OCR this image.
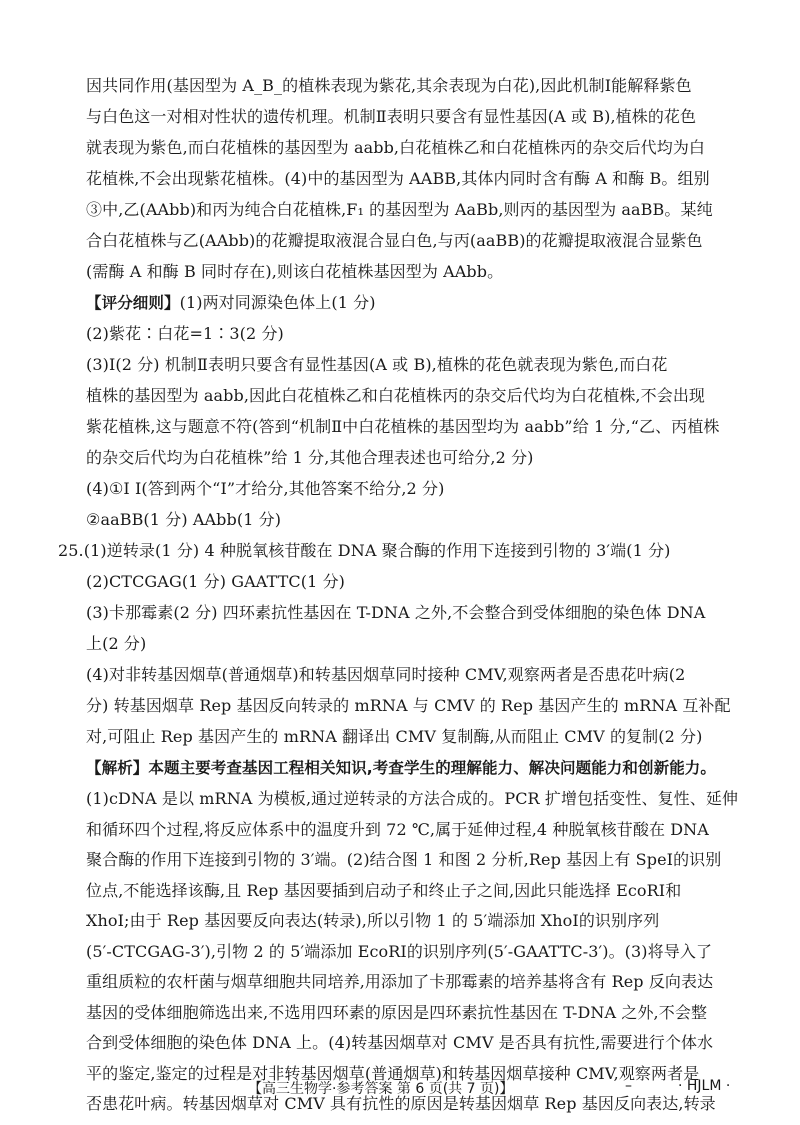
因共同作用(基因型为 A_B_的植株表现为紫花,其余表现为白花),因此机制Ⅰ能解释紫色
与白色这一对相对性状的遗传机理。机制Ⅱ表明只要含有显性基因(A 或 B),植株的花色
就表现为紫色,而白花植株的基因型为 aabb,白花植株乙和白花植株丙的杂交后代均为白
花植株,不会出现紫花植株。(4)中的基因型为 AABB,其体内同时含有酶 A 和酶 B。组别
③中,乙(AAbb)和丙为纯合白花植株,F₁ 的基因型为 AaBb,则丙的基因型为 aaBB。某纯
合白花植株与乙(AAbb)的花瓣提取液混合显白色,与丙(aaBB)的花瓣提取液混合显紫色
(需酶 A 和酶 B 同时存在),则该白花植株基因型为 AAbb。
【评分细则】(1)两对同源染色体上(1 分)
(2)紫花∶白花=1∶3(2 分)
(3)Ⅰ(2 分) 机制Ⅱ表明只要含有显性基因(A 或 B),植株的花色就表现为紫色,而白花
植株的基因型为 aabb,因此白花植株乙和白花植株丙的杂交后代均为白花植株,不会出现
紫花植株,这与题意不符(答到“机制Ⅱ中白花植株的基因型均为 aabb”给 1 分,“乙、丙植株
的杂交后代均为白花植株”给 1 分,其他合理表述也可给分,2 分)
(4)①Ⅰ Ⅰ(答到两个“Ⅰ”才给分,其他答案不给分,2 分)
②aaBB(1 分) AAbb(1 分)
25.(1)逆转录(1 分) 4 种脱氧核苷酸在 DNA 聚合酶的作用下连接到引物的 3′端(1 分)
(2)CTCGAG(1 分) GAATTC(1 分)
(3)卡那霉素(2 分) 四环素抗性基因在 T-DNA 之外,不会整合到受体细胞的染色体 DNA
上(2 分)
(4)对非转基因烟草(普通烟草)和转基因烟草同时接种 CMV,观察两者是否患花叶病(2
分) 转基因烟草 Rep 基因反向转录的 mRNA 与 CMV 的 Rep 基因产生的 mRNA 互补配
对,可阻止 Rep 基因产生的 mRNA 翻译出 CMV 复制酶,从而阻止 CMV 的复制(2 分)
【解析】本题主要考查基因工程相关知识,考查学生的理解能力、解决问题能力和创新能力。
(1)cDNA 是以 mRNA 为模板,通过逆转录的方法合成的。PCR 扩增包括变性、复性、延伸
和循环四个过程,将反应体系中的温度升到 72 ℃,属于延伸过程,4 种脱氧核苷酸在 DNA
聚合酶的作用下连接到引物的 3′端。(2)结合图 1 和图 2 分析,Rep 基因上有 SpeⅠ的识别
位点,不能选择该酶,且 Rep 基因要插到启动子和终止子之间,因此只能选择 EcoRⅠ和
XhoⅠ;由于 Rep 基因要反向表达(转录),所以引物 1 的 5′端添加 XhoⅠ的识别序列
(5′-CTCGAG-3′),引物 2 的 5′端添加 EcoRⅠ的识别序列(5′-GAATTC-3′)。(3)将导入了
重组质粒的农杆菌与烟草细胞共同培养,用添加了卡那霉素的培养基将含有 Rep 反向表达
基因的受体细胞筛选出来,不选用四环素的原因是四环素抗性基因在 T-DNA 之外,不会整
合到受体细胞的染色体 DNA 上。(4)转基因烟草对 CMV 是否具有抗性,需要进行个体水
【高三生物学·参考答案 第 6 页(共 7 页)】	–	· HJLM ·
平的鉴定,鉴定的过程是对非转基因烟草(普通烟草)和转基因烟草接种 CMV,观察两者是
否患花叶病。转基因烟草对 CMV 具有抗性的原因是转基因烟草 Rep 基因反向表达,转录
